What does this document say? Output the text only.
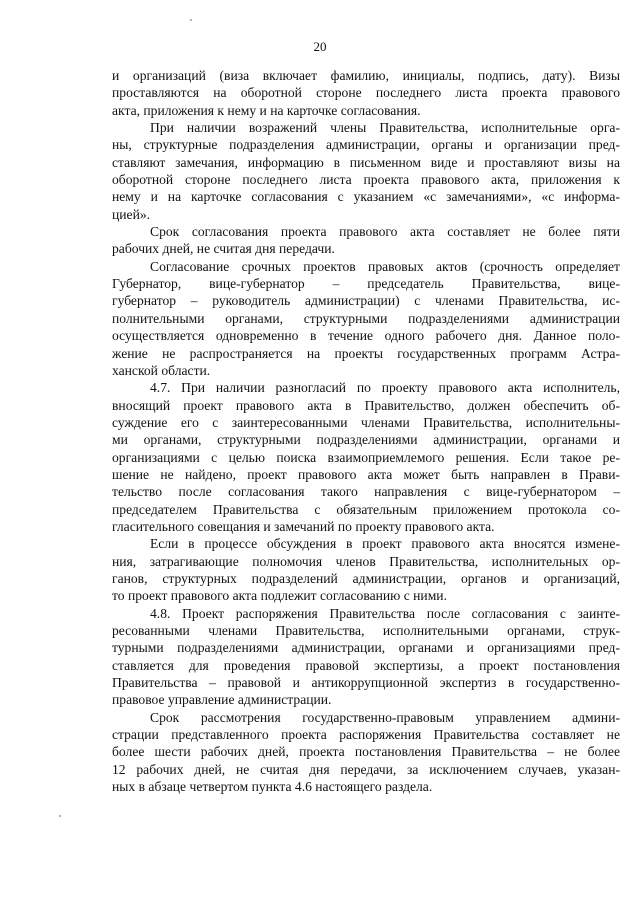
20
и организаций (виза включает фамилию, инициалы, подпись, дату). Визы
проставляются на оборотной стороне последнего листа проекта правового
акта, приложения к нему и на карточке согласования.
При наличии возражений члены Правительства, исполнительные орга-
ны, структурные подразделения администрации, органы и организации пред-
ставляют замечания, информацию в письменном виде и проставляют визы на
оборотной стороне последнего листа проекта правового акта, приложения к
нему и на карточке согласования с указанием «с замечаниями», «с информа-
цией».
Срок согласования проекта правового акта составляет не более пяти
рабочих дней, не считая дня передачи.
Согласование срочных проектов правовых актов (срочность определяет
Губернатор, вице-губернатор – председатель Правительства, вице-
губернатор – руководитель администрации) с членами Правительства, ис-
полнительными органами, структурными подразделениями администрации
осуществляется одновременно в течение одного рабочего дня. Данное поло-
жение не распространяется на проекты государственных программ Астра-
ханской области.
4.7. При наличии разногласий по проекту правового акта исполнитель,
вносящий проект правового акта в Правительство, должен обеспечить об-
суждение его с заинтересованными членами Правительства, исполнительны-
ми органами, структурными подразделениями администрации, органами и
организациями с целью поиска взаимоприемлемого решения. Если такое ре-
шение не найдено, проект правового акта может быть направлен в Прави-
тельство после согласования такого направления с вице-губернатором –
председателем Правительства с обязательным приложением протокола со-
гласительного совещания и замечаний по проекту правового акта.
Если в процессе обсуждения в проект правового акта вносятся измене-
ния, затрагивающие полномочия членов Правительства, исполнительных ор-
ганов, структурных подразделений администрации, органов и организаций,
то проект правового акта подлежит согласованию с ними.
4.8. Проект распоряжения Правительства после согласования с заинте-
ресованными членами Правительства, исполнительными органами, струк-
турными подразделениями администрации, органами и организациями пред-
ставляется для проведения правовой экспертизы, а проект постановления
Правительства – правовой и антикоррупционной экспертиз в государственно-
правовое управление администрации.
Срок рассмотрения государственно-правовым управлением админи-
страции представленного проекта распоряжения Правительства составляет не
более шести рабочих дней, проекта постановления Правительства – не более
12 рабочих дней, не считая дня передачи, за исключением случаев, указан-
ных в абзаце четвертом пункта 4.6 настоящего раздела.
